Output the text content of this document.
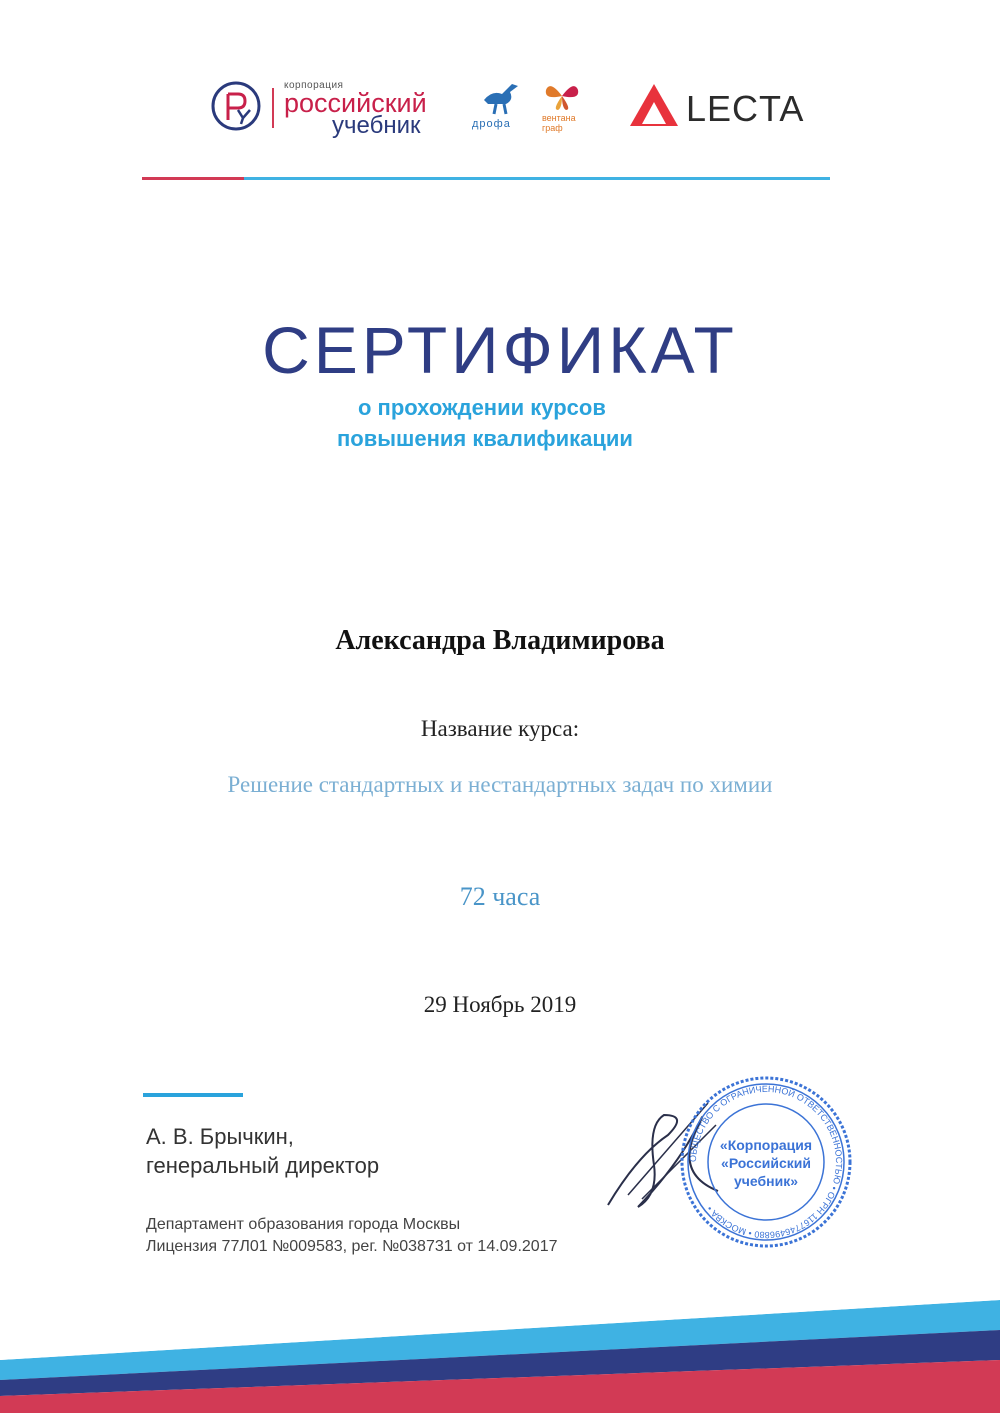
корпорация
российский
учебник	дрофа	вентана
граф	LECTA
СЕРТИФИКАТ
о прохождении курсов
повышения квалификации
Александра Владимирова
Название курса:
Решение стандартных и нестандартных задач по химии
72 часа
29 Ноябрь 2019
А. В. Брычкин,
генеральный директор
Департамент образования города Москвы
Лицензия 77Л01 №009583, рег. №038731 от 14.09.2017
ОБЩЕСТВО С ОГРАНИЧЕННОЙ ОТВЕТСТВЕННОСТЬЮ • ОГРН 1167746496880 • МОСКВА •
«Корпорация
«Российский
учебник»
